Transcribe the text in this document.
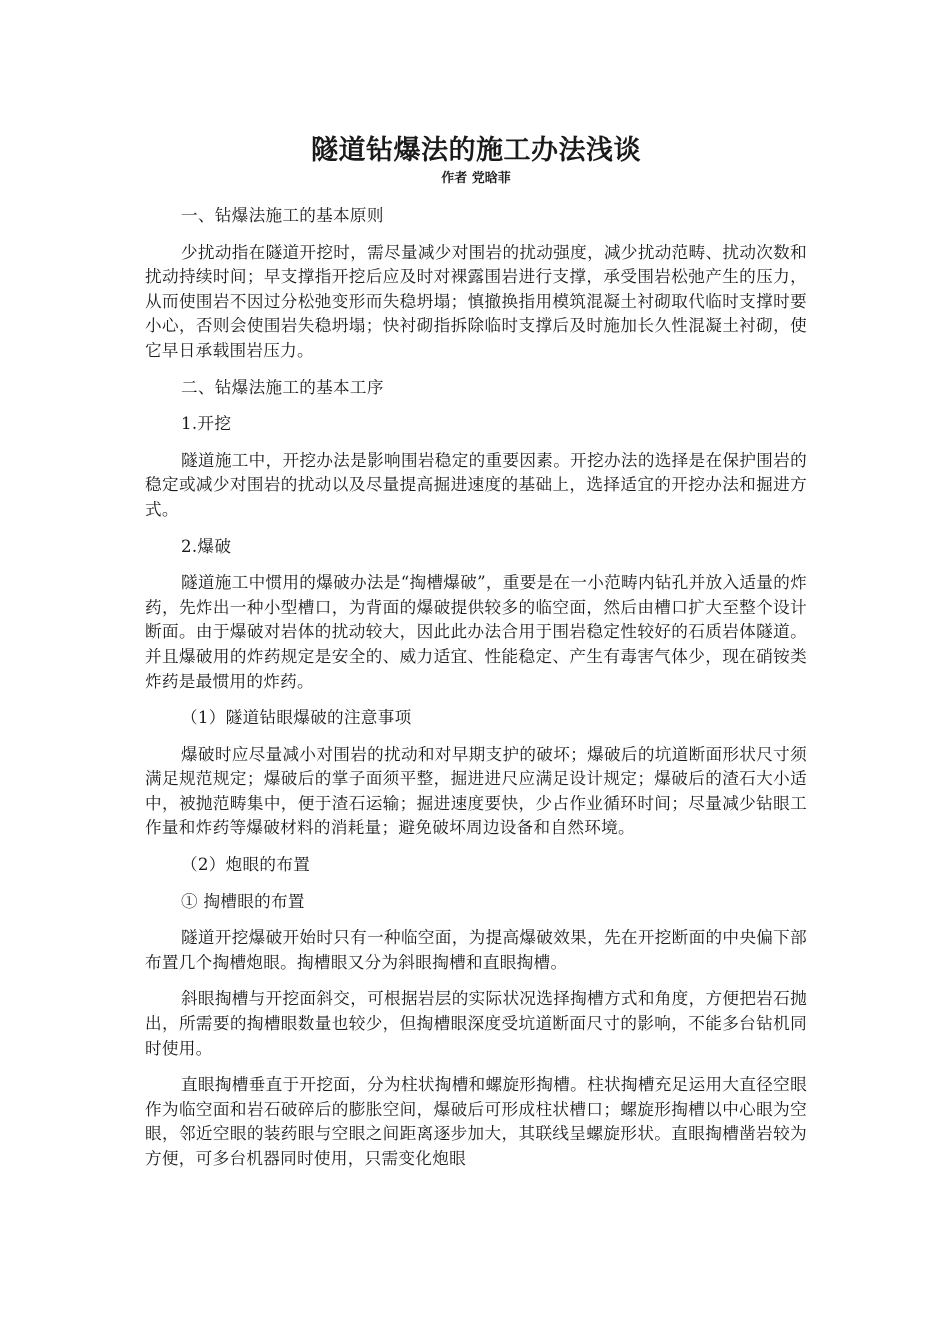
隧道钻爆法的施工办法浅谈
作者 党晗菲

一、钻爆法施工的基本原则

少扰动指在隧道开挖时，需尽量减少对围岩的扰动强度，减少扰动范畴、扰动次数和扰动持续时间；早支撑指开挖后应及时对裸露围岩进行支撑，承受围岩松弛产生的压力，从而使围岩不因过分松弛变形而失稳坍塌；慎撤换指用模筑混凝土衬砌取代临时支撑时要小心，否则会使围岩失稳坍塌；快衬砌指拆除临时支撑后及时施加长久性混凝土衬砌，使它早日承载围岩压力。

二、钻爆法施工的基本工序

1.开挖

隧道施工中，开挖办法是影响围岩稳定的重要因素。开挖办法的选择是在保护围岩的稳定或减少对围岩的扰动以及尽量提高掘进速度的基础上，选择适宜的开挖办法和掘进方式。

2.爆破

隧道施工中惯用的爆破办法是“掏槽爆破”，重要是在一小范畴内钻孔并放入适量的炸药，先炸出一种小型槽口，为背面的爆破提供较多的临空面，然后由槽口扩大至整个设计断面。由于爆破对岩体的扰动较大，因此此办法合用于围岩稳定性较好的石质岩体隧道。并且爆破用的炸药规定是安全的、威力适宜、性能稳定、产生有毒害气体少，现在硝铵类炸药是最惯用的炸药。

（1）隧道钻眼爆破的注意事项

爆破时应尽量减小对围岩的扰动和对早期支护的破坏；爆破后的坑道断面形状尺寸须满足规范规定；爆破后的掌子面须平整，掘进进尺应满足设计规定；爆破后的渣石大小适中，被抛范畴集中，便于渣石运输；掘进速度要快，少占作业循环时间；尽量减少钻眼工作量和炸药等爆破材料的消耗量；避免破坏周边设备和自然环境。

（2）炮眼的布置

① 掏槽眼的布置

隧道开挖爆破开始时只有一种临空面，为提高爆破效果，先在开挖断面的中央偏下部布置几个掏槽炮眼。掏槽眼又分为斜眼掏槽和直眼掏槽。

斜眼掏槽与开挖面斜交，可根据岩层的实际状况选择掏槽方式和角度，方便把岩石抛出，所需要的掏槽眼数量也较少，但掏槽眼深度受坑道断面尺寸的影响，不能多台钻机同时使用。

直眼掏槽垂直于开挖面，分为柱状掏槽和螺旋形掏槽。柱状掏槽充足运用大直径空眼作为临空面和岩石破碎后的膨胀空间，爆破后可形成柱状槽口；螺旋形掏槽以中心眼为空眼，邻近空眼的装药眼与空眼之间距离逐步加大，其联线呈螺旋形状。直眼掏槽凿岩较为方便，可多台机器同时使用，只需变化炮眼
